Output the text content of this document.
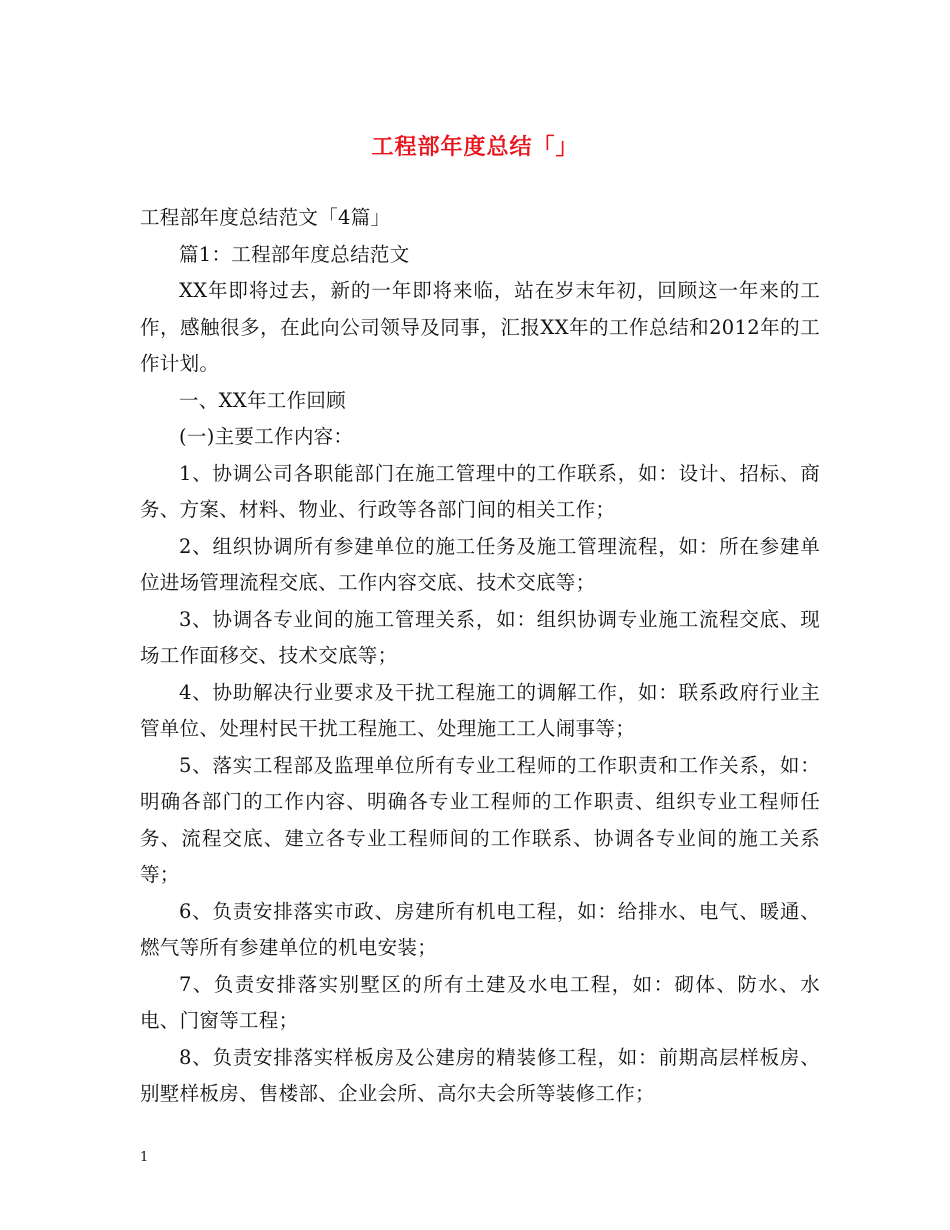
工程部年度总结「」

工程部年度总结范文「4篇」

篇1：工程部年度总结范文

XX年即将过去，新的一年即将来临，站在岁末年初，回顾这一年来的工作，感触很多，在此向公司领导及同事，汇报XX年的工作总结和2012年的工作计划。

一、XX年工作回顾

(一)主要工作内容：

1、协调公司各职能部门在施工管理中的工作联系，如：设计、招标、商务、方案、材料、物业、行政等各部门间的相关工作；

2、组织协调所有参建单位的施工任务及施工管理流程，如：所在参建单位进场管理流程交底、工作内容交底、技术交底等；

3、协调各专业间的施工管理关系，如：组织协调专业施工流程交底、现场工作面移交、技术交底等；

4、协助解决行业要求及干扰工程施工的调解工作，如：联系政府行业主管单位、处理村民干扰工程施工、处理施工工人闹事等；

5、落实工程部及监理单位所有专业工程师的工作职责和工作关系，如：明确各部门的工作内容、明确各专业工程师的工作职责、组织专业工程师任务、流程交底、建立各专业工程师间的工作联系、协调各专业间的施工关系等；

6、负责安排落实市政、房建所有机电工程，如：给排水、电气、暖通、燃气等所有参建单位的机电安装；

7、负责安排落实别墅区的所有土建及水电工程，如：砌体、防水、水电、门窗等工程；

8、负责安排落实样板房及公建房的精装修工程，如：前期高层样板房、别墅样板房、售楼部、企业会所、高尔夫会所等装修工作；

1
